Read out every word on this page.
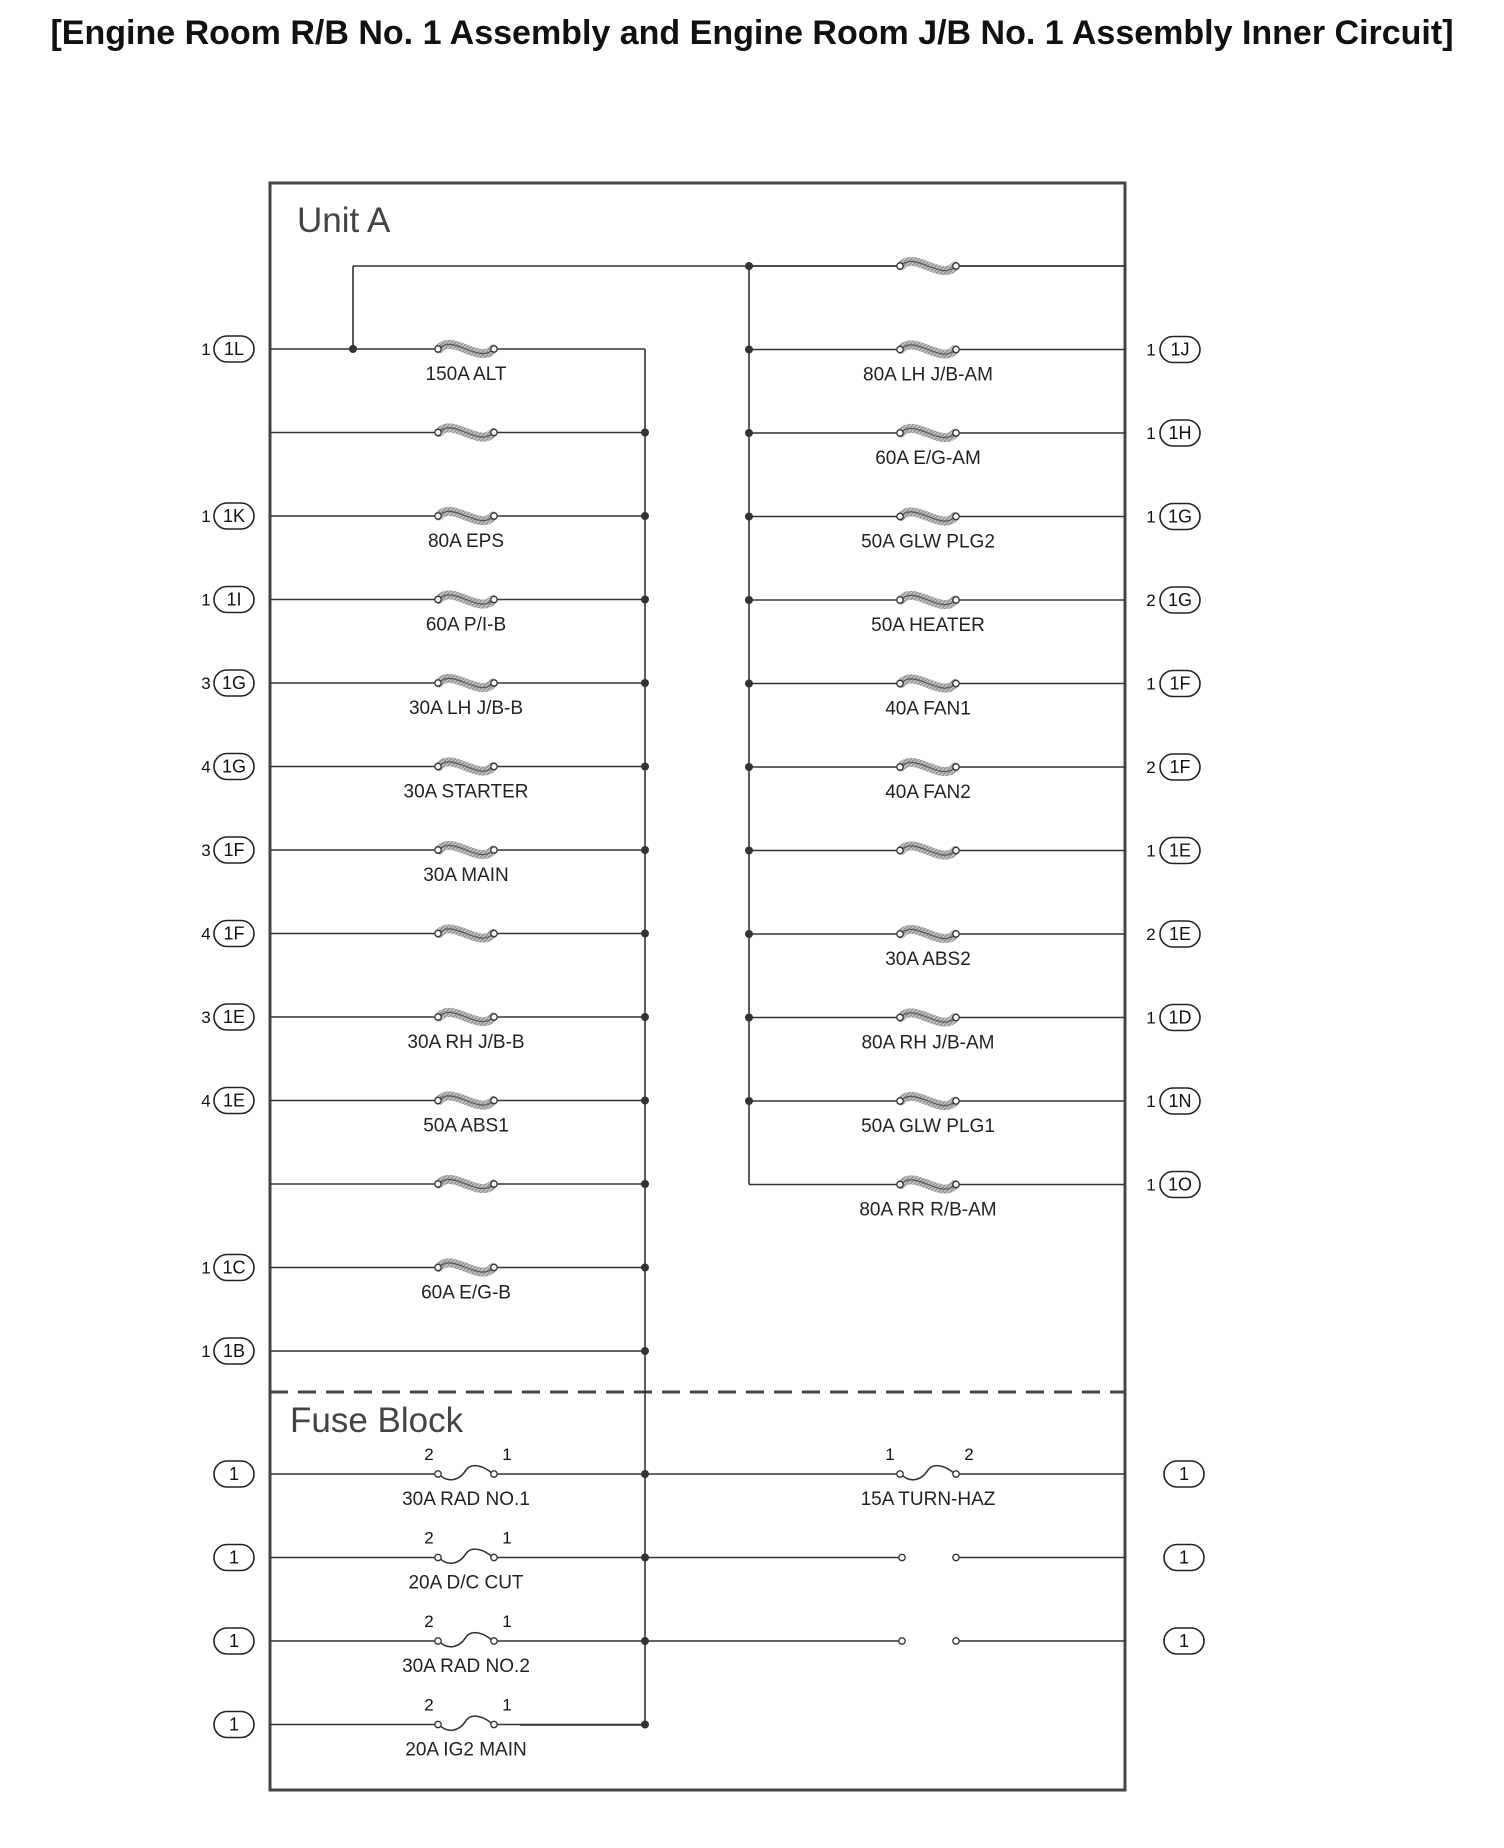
[Engine Room R/B No. 1 Assembly and Engine Room J/B No. 1 Assembly Inner Circuit]
Unit A
Fuse Block
1L
1
150A ALT
1K
1
80A EPS
1I
1
60A P/I-B
1G
3
30A LH J/B-B
1G
4
30A STARTER
1F
3
30A MAIN
1F
4
1E
3
30A RH J/B-B
1E
4
50A ABS1
1C
1
60A E/G-B
1B
1
1J
1
80A LH J/B-AM
1H
1
60A E/G-AM
1G
1
50A GLW PLG2
1G
2
50A HEATER
1F
1
40A FAN1
1F
2
40A FAN2
1E
1
1E
2
30A ABS2
1D
1
80A RH J/B-AM
1N
1
50A GLW PLG1
1O
1
80A RR R/B-AM
1
2	1
30A RAD NO.1
1
2	1
20A D/C CUT
1
2	1
30A RAD NO.2
1
2	1
20A IG2 MAIN
1
1	2
15A TURN-HAZ
1
1
